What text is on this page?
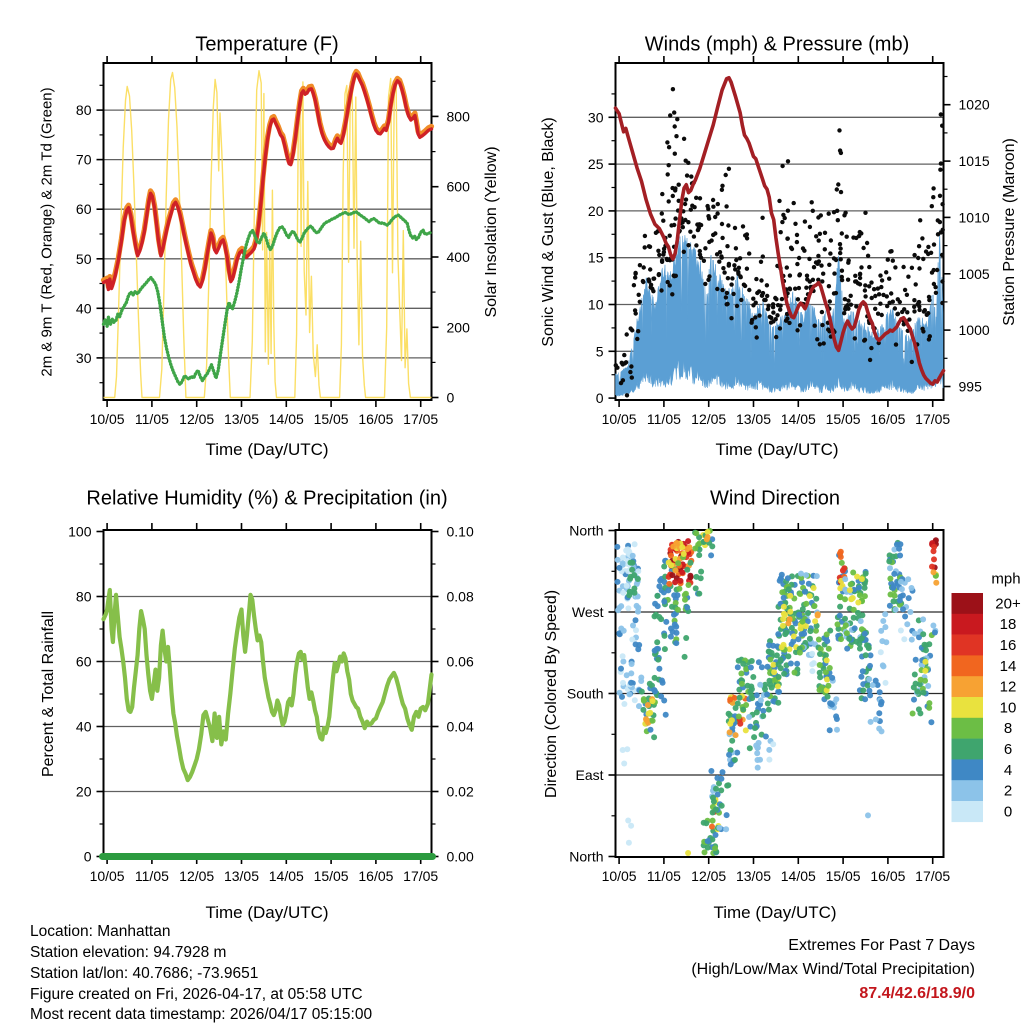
10/05 11/05 12/05 13/05 14/05 15/05 16/05 17/05
30
40
50
60
70
80
0
200
400
600
800
10/05 11/05 12/05 13/05 14/05 15/05 16/05 17/05
0
5
10
15
20
25
30
995
1000
1005
1010
1015
1020
10/05 11/05 12/05 13/05 14/05 15/05 16/05 17/05
0
20
40
60
80
100
0.00
0.02
0.04
0.06
0.08
0.10
10/05 11/05 12/05 13/05 14/05 15/05 16/05 17/05
North
East
South
West
North
20+
18
16
14
12
10
8
6
4
2
0
Temperature (F)	Winds (mph) & Pressure (mb)
Relative Humidity (%) & Precipitation (in)	Wind Direction
2m & 9m T (Red, Orange) & 2m Td (Green)	Solar Insolation (Yellow)	Sonic Wind & Gust (Blue, Black)	Station Pressure (Maroon)
Percent & Total Rainfall	Direction (Colored By Speed)
Time (Day/UTC)	Time (Day/UTC)
Time (Day/UTC)	Time (Day/UTC)
mph
Location: Manhattan
Station elevation: 94.7928 m
Station lat/lon: 40.7686; -73.9651
Figure created on Fri, 2026-04-17, at 05:58 UTC
Most recent data timestamp: 2026/04/17 05:15:00
Extremes For Past 7 Days
(High/Low/Max Wind/Total Precipitation)
87.4/42.6/18.9/0
